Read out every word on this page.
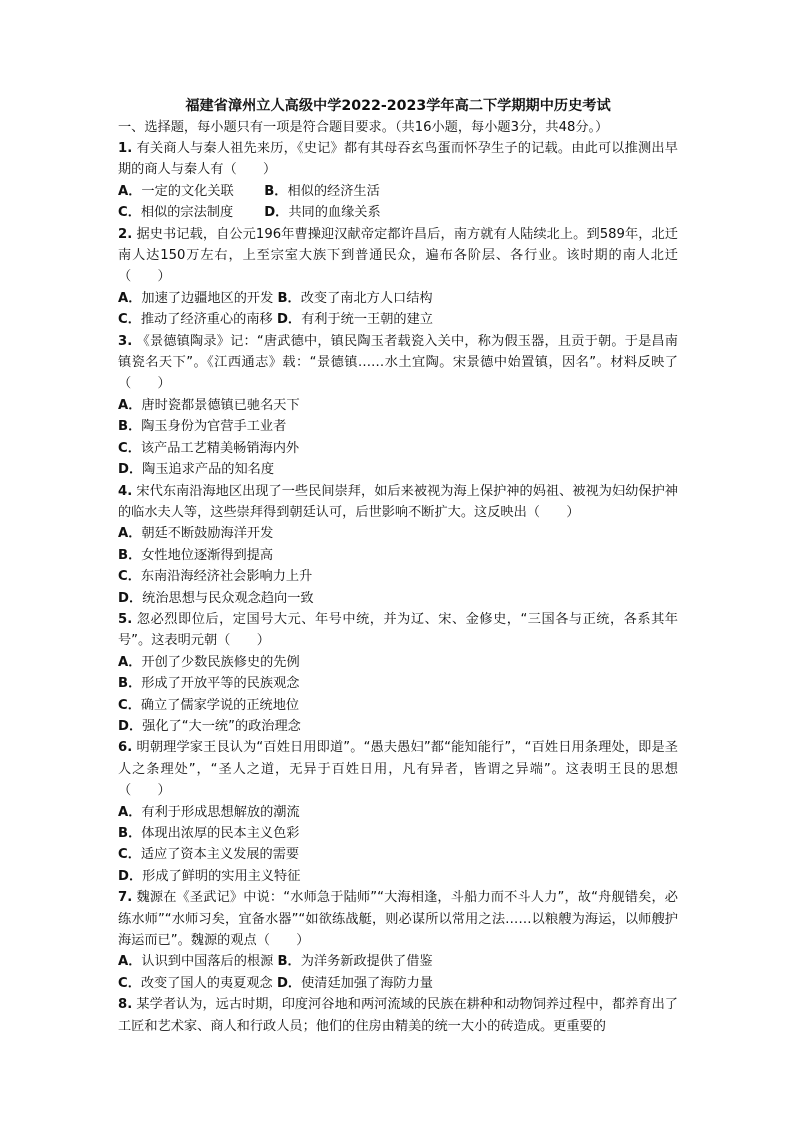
福建省漳州立人高级中学2022-2023学年高二下学期期中历史考试
一、选择题，每小题只有一项是符合题目要求。（共16小题，每小题3分，共48分。）
1. 有关商人与秦人祖先来历，《史记》都有其母吞玄鸟蛋而怀孕生子的记载。由此可以推测出早期的商人与秦人有（　　）
A．一定的文化关联 B．相似的经济生活
C．相似的宗法制度 D．共同的血缘关系
2. 据史书记载，自公元196年曹操迎汉献帝定都许昌后，南方就有人陆续北上。到589年，北迁南人达150万左右，上至宗室大族下到普通民众，遍布各阶层、各行业。该时期的南人北迁（　　）
A．加速了边疆地区的开发 B．改变了南北方人口结构
C．推动了经济重心的南移 D．有利于统一王朝的建立
3. 《景德镇陶录》记：“唐武德中，镇民陶玉者载瓷入关中，称为假玉器，且贡于朝。于是昌南镇瓷名天下”。《江西通志》载：“景德镇……水土宜陶。宋景德中始置镇，因名”。材料反映了（　　）
A．唐时瓷都景德镇已驰名天下
B．陶玉身份为官营手工业者
C．该产品工艺精美畅销海内外
D．陶玉追求产品的知名度
4. 宋代东南沿海地区出现了一些民间崇拜，如后来被视为海上保护神的妈祖、被视为妇幼保护神的临水夫人等，这些崇拜得到朝廷认可，后世影响不断扩大。这反映出（　　）
A．朝廷不断鼓励海洋开发
B．女性地位逐渐得到提高
C．东南沿海经济社会影响力上升
D．统治思想与民众观念趋向一致
5. 忽必烈即位后，定国号大元、年号中统，并为辽、宋、金修史，“三国各与正统，各系其年号”。这表明元朝（　　）
A．开创了少数民族修史的先例
B．形成了开放平等的民族观念
C．确立了儒家学说的正统地位
D．强化了“大一统”的政治理念
6. 明朝理学家王艮认为“百姓日用即道”。“愚夫愚妇”都“能知能行”，“百姓日用条理处，即是圣人之条理处”，“圣人之道，无异于百姓日用，凡有异者，皆谓之异端”。这表明王艮的思想（　　）
A．有利于形成思想解放的潮流
B．体现出浓厚的民本主义色彩
C．适应了资本主义发展的需要
D．形成了鲜明的实用主义特征
7. 魏源在《圣武记》中说：“水师急于陆师”“大海相逢，斗船力而不斗人力”，故“舟舰错矣，必练水师”“水师习矣，宜备水器”“如欲练战艇，则必谋所以常用之法……以粮艘为海运，以师艘护海运而已”。魏源的观点（　　）
A．认识到中国落后的根源 B．为洋务新政提供了借鉴
C．改变了国人的夷夏观念 D．使清廷加强了海防力量
8. 某学者认为，远古时期，印度河谷地和两河流域的民族在耕种和动物饲养过程中，都养育出了工匠和艺术家、商人和行政人员；他们的住房由精美的统一大小的砖造成。更重要的
